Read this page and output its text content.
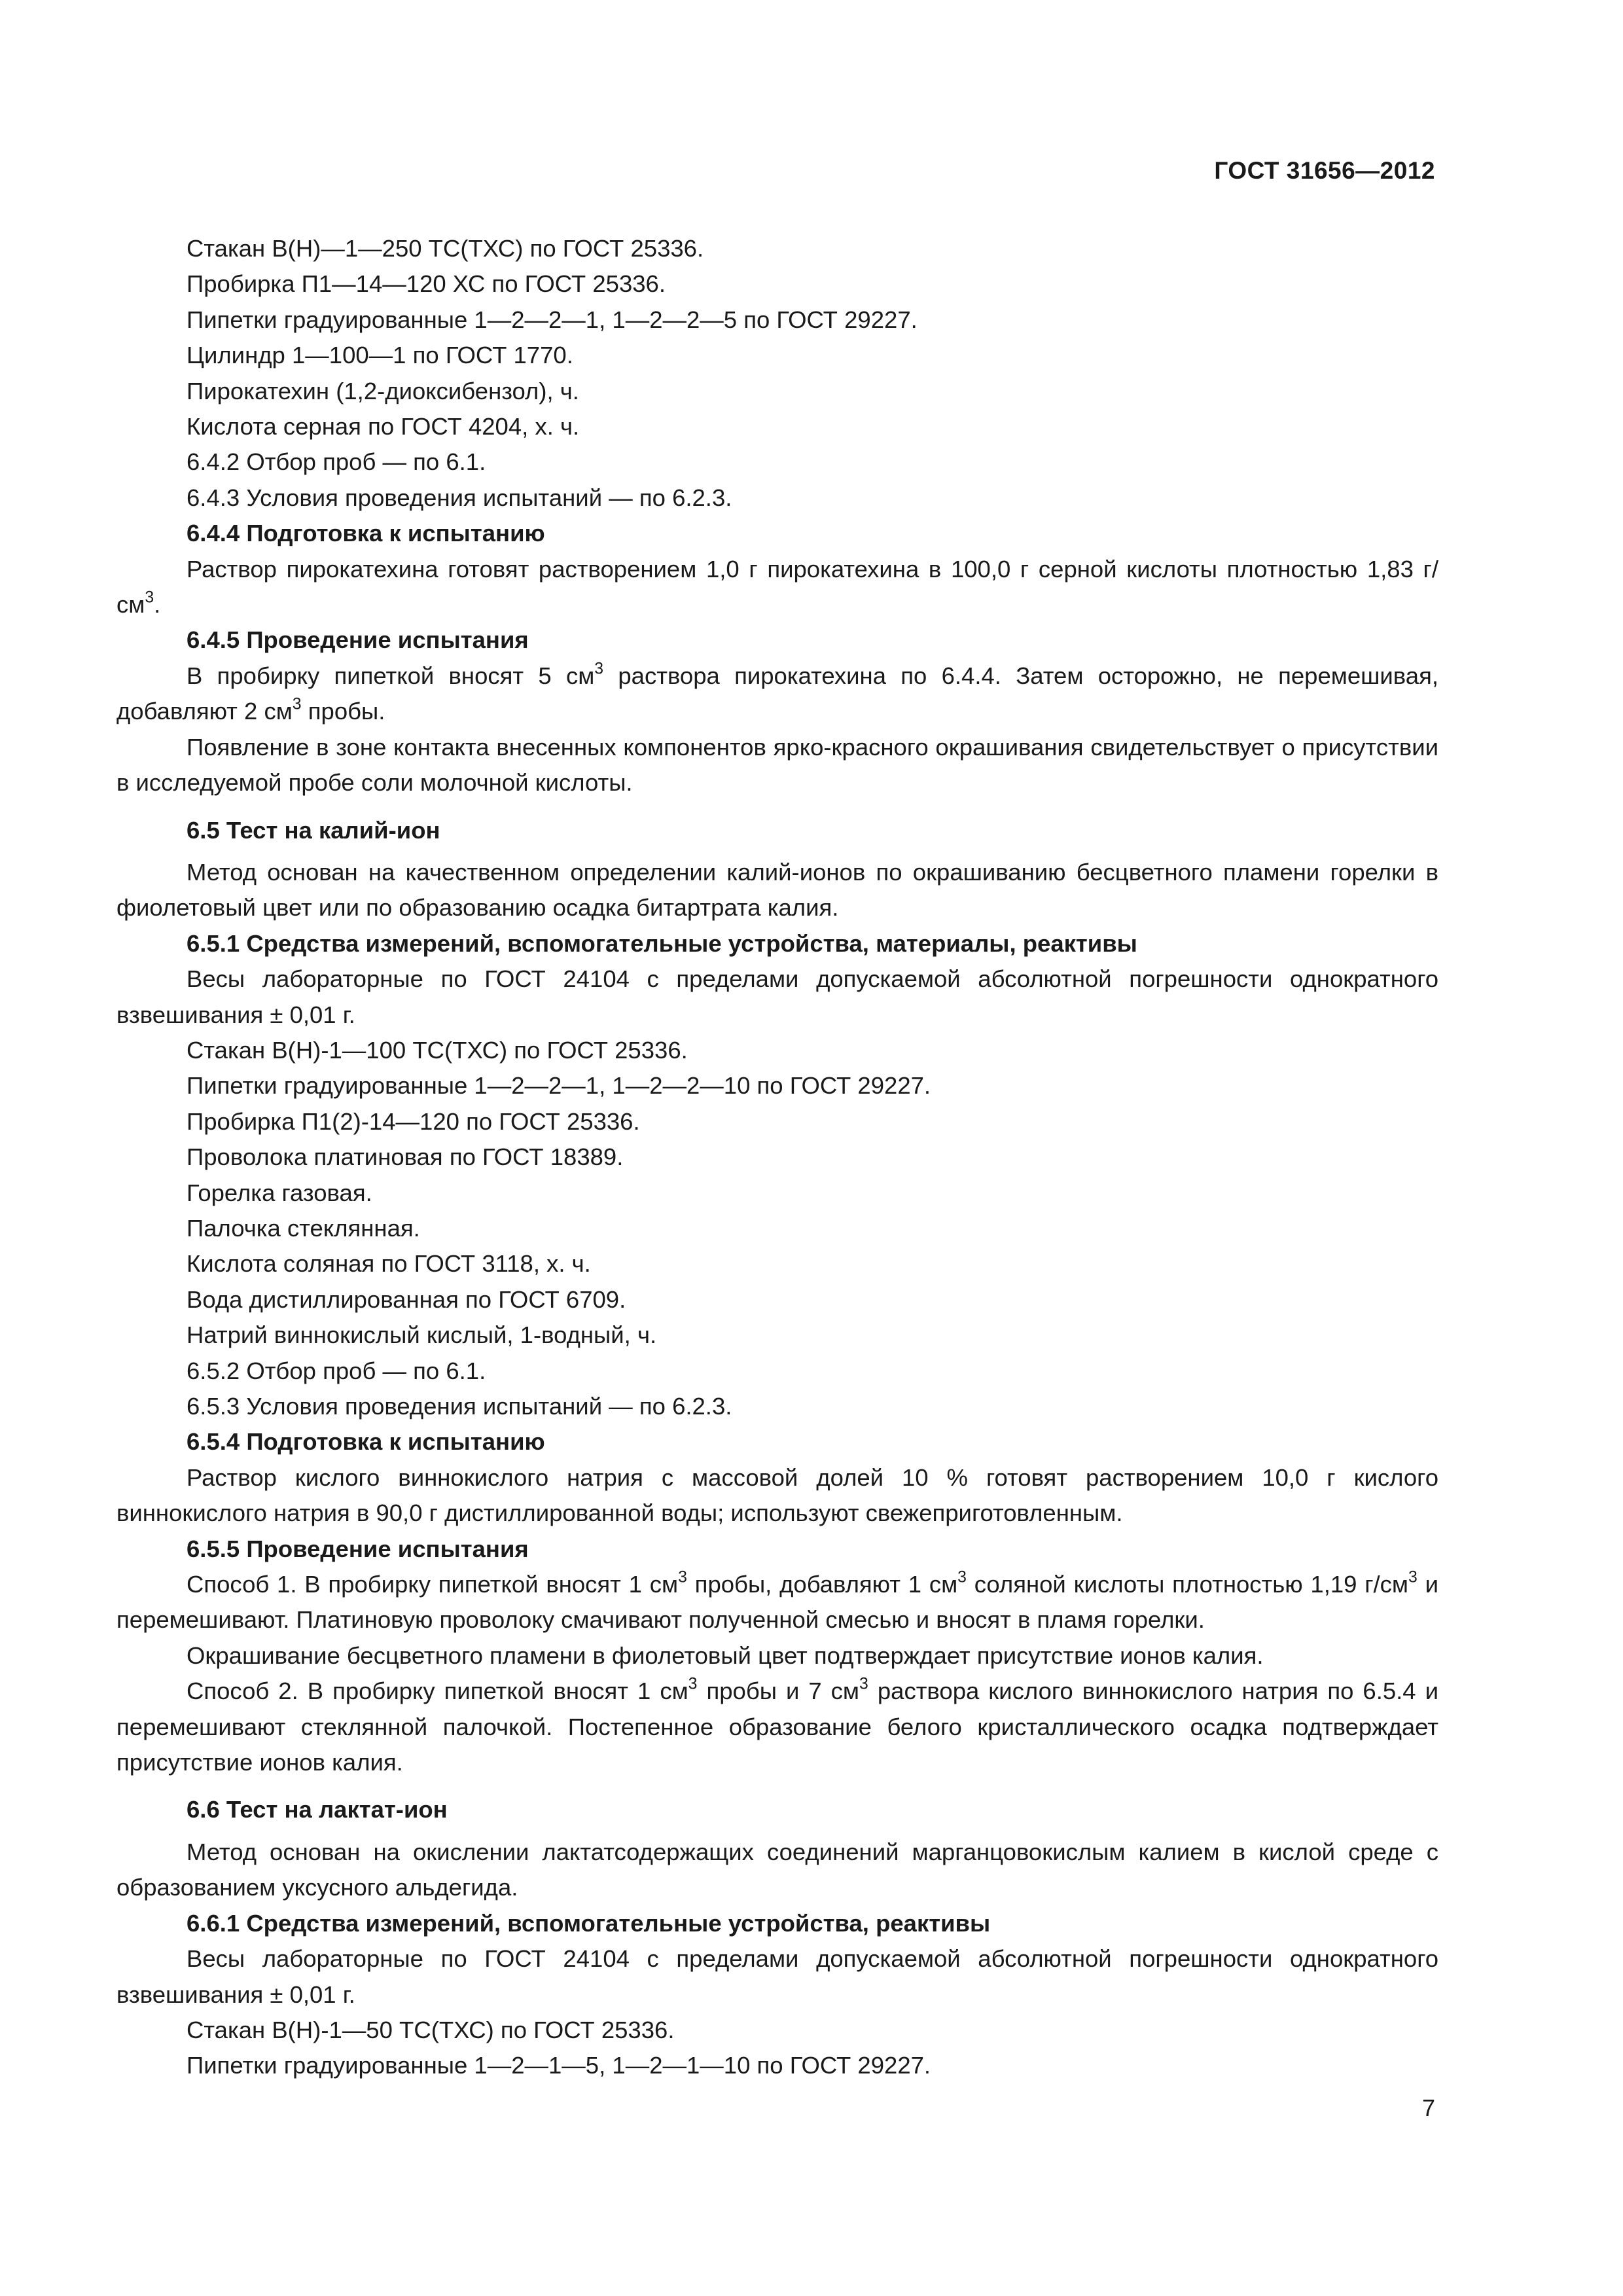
ГОСТ 31656—2012

Стакан В(Н)—1—250 ТС(ТХС) по ГОСТ 25336.

Пробирка П1—14—120 ХС по ГОСТ 25336.

Пипетки градуированные 1—2—2—1, 1—2—2—5 по ГОСТ 29227.

Цилиндр 1—100—1 по ГОСТ 1770.

Пирокатехин (1,2-диоксибензол), ч.

Кислота серная по ГОСТ 4204, х. ч.

6.4.2 Отбор проб — по 6.1.

6.4.3 Условия проведения испытаний — по 6.2.3.

6.4.4 Подготовка к испытанию

Раствор пирокатехина готовят растворением 1,0 г пирокатехина в 100,0 г серной кислоты плотностью 1,83 $г/см^3$.

6.4.5 Проведение испытания

В пробирку пипеткой вносят 5 $см^3$ раствора пирокатехина по 6.4.4. Затем осторожно, не перемешивая, добавляют 2 $см^3$ пробы.

Появление в зоне контакта внесенных компонентов ярко-красного окрашивания свидетельствует о присутствии в исследуемой пробе соли молочной кислоты.

6.5 Тест на калий-ион

Метод основан на качественном определении калий-ионов по окрашиванию бесцветного пламени горелки в фиолетовый цвет или по образованию осадка битартрата калия.

6.5.1 Средства измерений, вспомогательные устройства, материалы, реактивы

Весы лабораторные по ГОСТ 24104 с пределами допускаемой абсолютной погрешности однократного взвешивания ± 0,01 г.

Стакан В(Н)-1—100 ТС(ТХС) по ГОСТ 25336.

Пипетки градуированные 1—2—2—1, 1—2—2—10 по ГОСТ 29227.

Пробирка П1(2)-14—120 по ГОСТ 25336.

Проволока платиновая по ГОСТ 18389.

Горелка газовая.

Палочка стеклянная.

Кислота соляная по ГОСТ 3118, х. ч.

Вода дистиллированная по ГОСТ 6709.

Натрий виннокислый кислый, 1-водный, ч.

6.5.2 Отбор проб — по 6.1.

6.5.3 Условия проведения испытаний — по 6.2.3.

6.5.4 Подготовка к испытанию

Раствор кислого виннокислого натрия с массовой долей 10 % готовят растворением 10,0 г кислого виннокислого натрия в 90,0 г дистиллированной воды; используют свежеприготовленным.

6.5.5 Проведение испытания

Способ 1. В пробирку пипеткой вносят 1 $см^3$ пробы, добавляют 1 $см^3$ соляной кислоты плотностью 1,19 $г/см^3$ и перемешивают. Платиновую проволоку смачивают полученной смесью и вносят в пламя горелки.

Окрашивание бесцветного пламени в фиолетовый цвет подтверждает присутствие ионов калия.

Способ 2. В пробирку пипеткой вносят 1 $см^3$ пробы и 7 $см^3$ раствора кислого виннокислого натрия по 6.5.4 и перемешивают стеклянной палочкой. Постепенное образование белого кристаллического осадка подтверждает присутствие ионов калия.

6.6 Тест на лактат-ион

Метод основан на окислении лактатсодержащих соединений марганцовокислым калием в кислой среде с образованием уксусного альдегида.

6.6.1 Средства измерений, вспомогательные устройства, реактивы

Весы лабораторные по ГОСТ 24104 с пределами допускаемой абсолютной погрешности однократного взвешивания ± 0,01 г.

Стакан В(Н)-1—50 ТС(ТХС) по ГОСТ 25336.

Пипетки градуированные 1—2—1—5, 1—2—1—10 по ГОСТ 29227.

7
